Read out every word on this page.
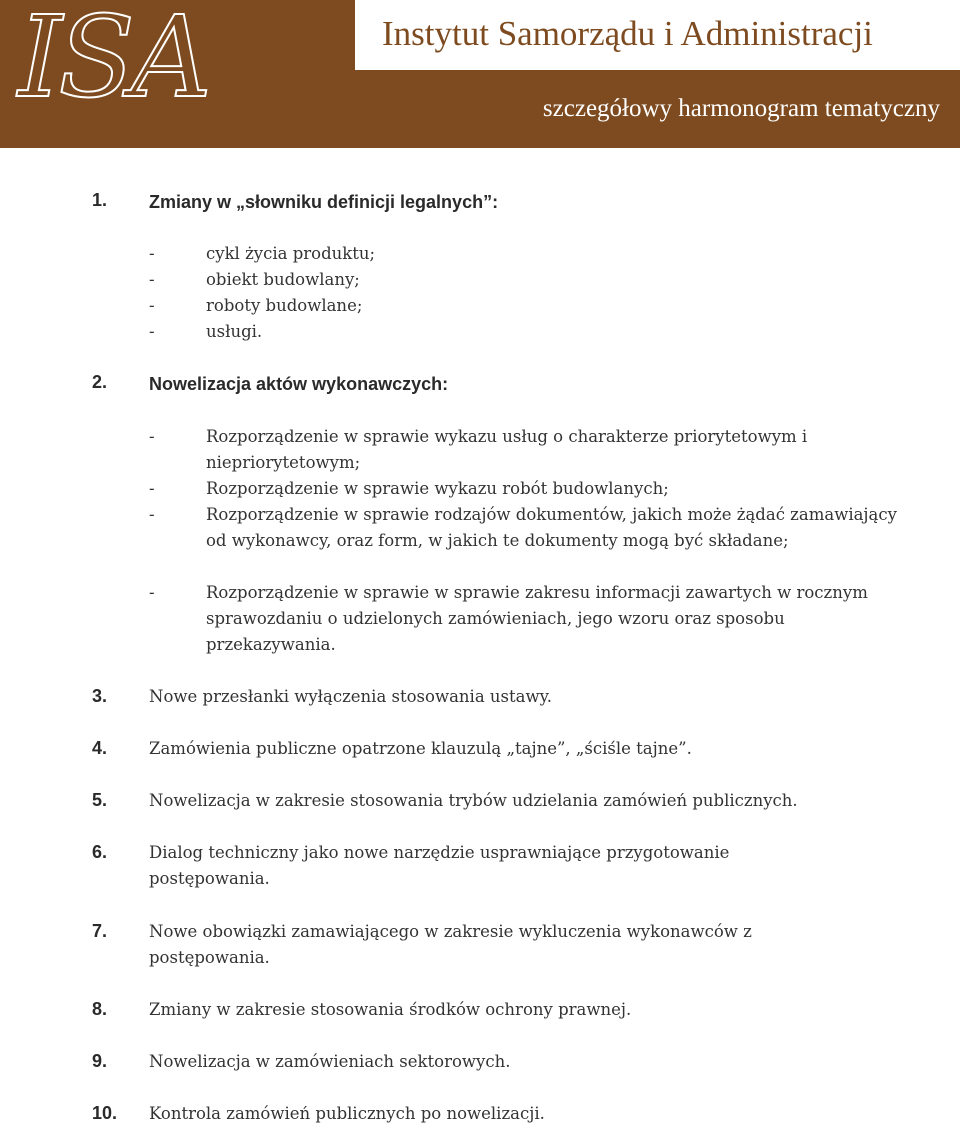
ISA	Instytut Samorządu i Administracji
szczegółowy harmonogram tematyczny
1. Zmiany w „słowniku definicji legalnych”:
-	cykl życia produktu;
-	obiekt budowlany;
-	roboty budowlane;
-	usługi.
2. Nowelizacja aktów wykonawczych:
-	Rozporządzenie w sprawie wykazu usług o charakterze priorytetowym i niepriorytetowym;
-	Rozporządzenie w sprawie wykazu robót budowlanych;
-	Rozporządzenie w sprawie rodzajów dokumentów, jakich może żądać zamawiający od wykonawcy, oraz form, w jakich te dokumenty mogą być składane;
-	Rozporządzenie w sprawie w sprawie zakresu informacji zawartych w rocznym sprawozdaniu o udzielonych zamówieniach, jego wzoru oraz sposobu przekazywania.
3.	Nowe przesłanki wyłączenia stosowania ustawy.
4.	Zamówienia publiczne opatrzone klauzulą „tajne”, „ściśle tajne”.
5.	Nowelizacja w zakresie stosowania trybów udzielania zamówień publicznych.
6.	Dialog techniczny jako nowe narzędzie usprawniające przygotowanie postępowania.
7.	Nowe obowiązki zamawiającego w zakresie wykluczenia wykonawców z postępowania.
8.	Zmiany w zakresie stosowania środków ochrony prawnej.
9.	Nowelizacja w zamówieniach sektorowych.
10. Kontrola zamówień publicznych po nowelizacji.
